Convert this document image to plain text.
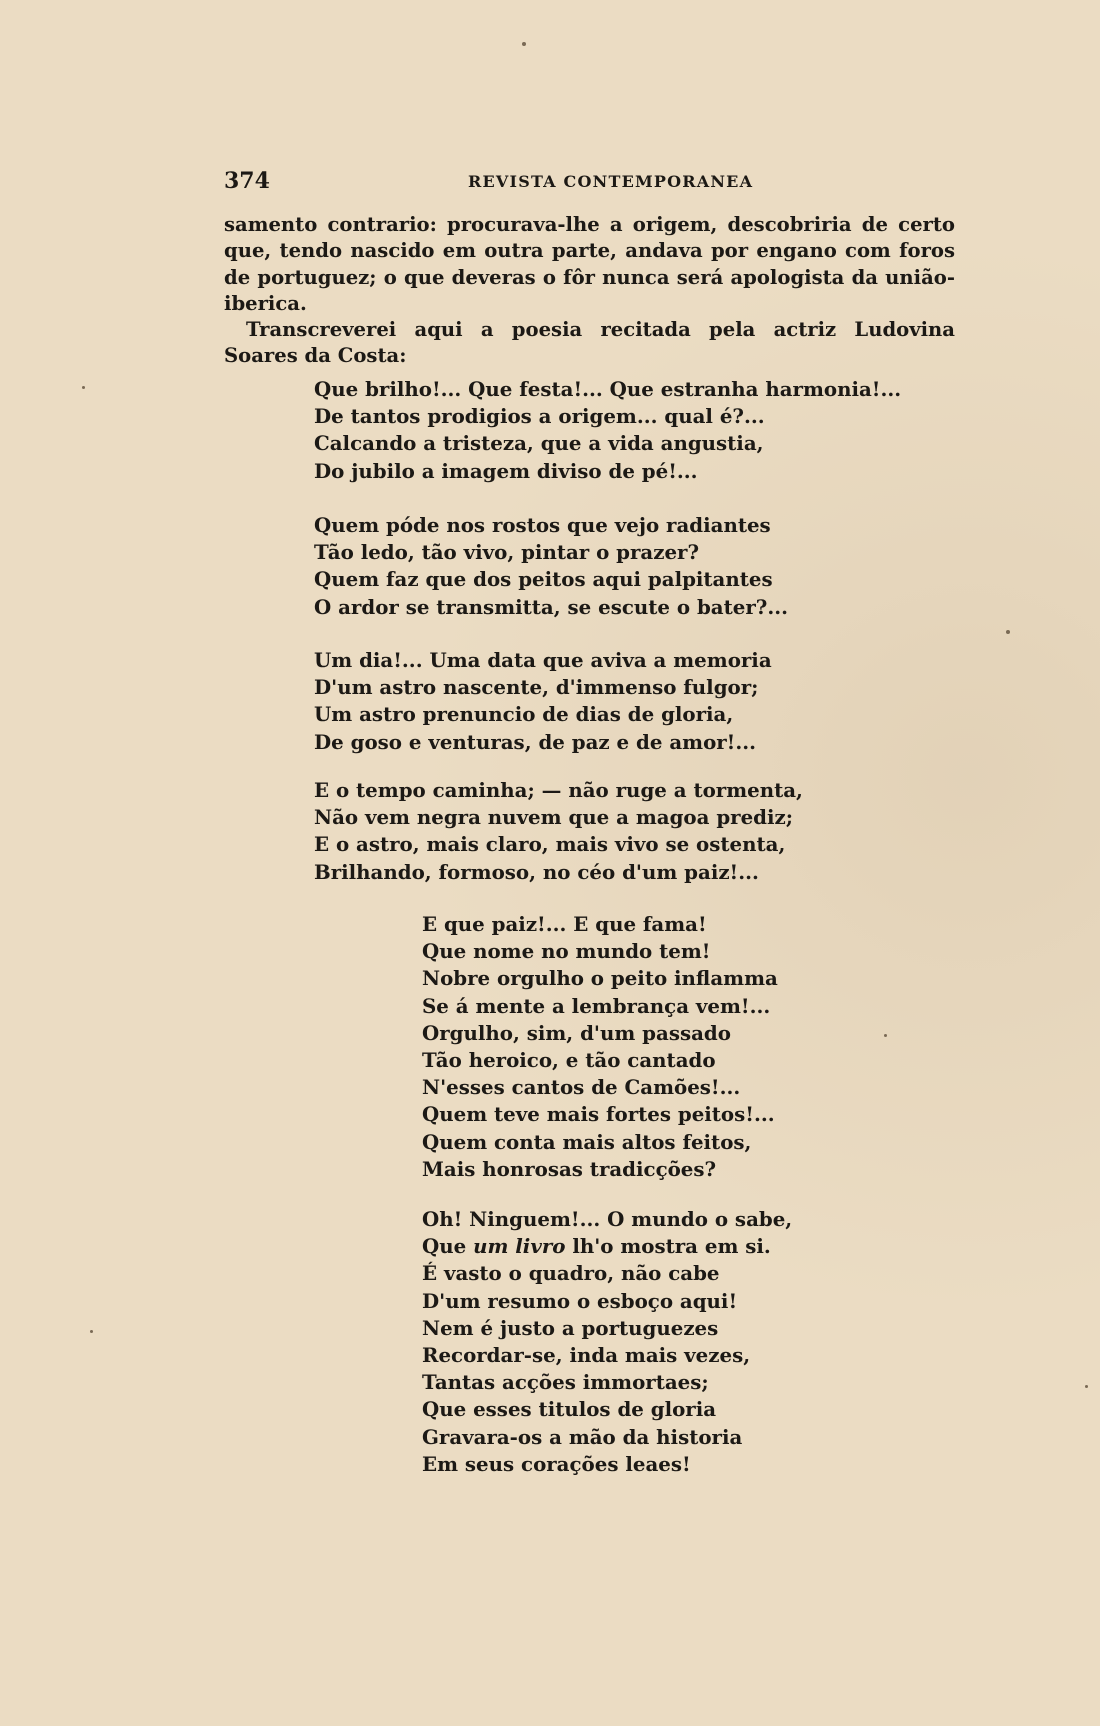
374	REVISTA CONTEMPORANEA

samento contrario: procurava-lhe a origem, descobriria de certo que, tendo nascido em outra parte, andava por engano com foros de portuguez; o que deveras o fôr nunca será apologista da união-iberica.

Transcreverei aqui a poesia recitada pela actriz Ludovina Soares da Costa:

Que brilho!... Que festa!... Que estranha harmonia!...
De tantos prodigios a origem... qual é?...
Calcando a tristeza, que a vida angustia,
Do jubilo a imagem diviso de pé!...
Quem póde nos rostos que vejo radiantes
Tão ledo, tão vivo, pintar o prazer?
Quem faz que dos peitos aqui palpitantes
O ardor se transmitta, se escute o bater?...
Um dia!... Uma data que aviva a memoria
D'um astro nascente, d'immenso fulgor;
Um astro prenuncio de dias de gloria,
De goso e venturas, de paz e de amor!...
E o tempo caminha; — não ruge a tormenta,
Não vem negra nuvem que a magoa prediz;
E o astro, mais claro, mais vivo se ostenta,
Brilhando, formoso, no céo d'um paiz!...
E que paiz!... E que fama!
Que nome no mundo tem!
Nobre orgulho o peito inflamma
Se á mente a lembrança vem!...
Orgulho, sim, d'um passado
Tão heroico, e tão cantado
N'esses cantos de Camões!...
Quem teve mais fortes peitos!...
Quem conta mais altos feitos,
Mais honrosas tradicções?
Oh! Ninguem!... O mundo o sabe,
Que um livro lh'o mostra em si.
É vasto o quadro, não cabe
D'um resumo o esboço aqui!
Nem é justo a portuguezes
Recordar-se, inda mais vezes,
Tantas acções immortaes;
Que esses titulos de gloria
Gravara-os a mão da historia
Em seus corações leaes!
